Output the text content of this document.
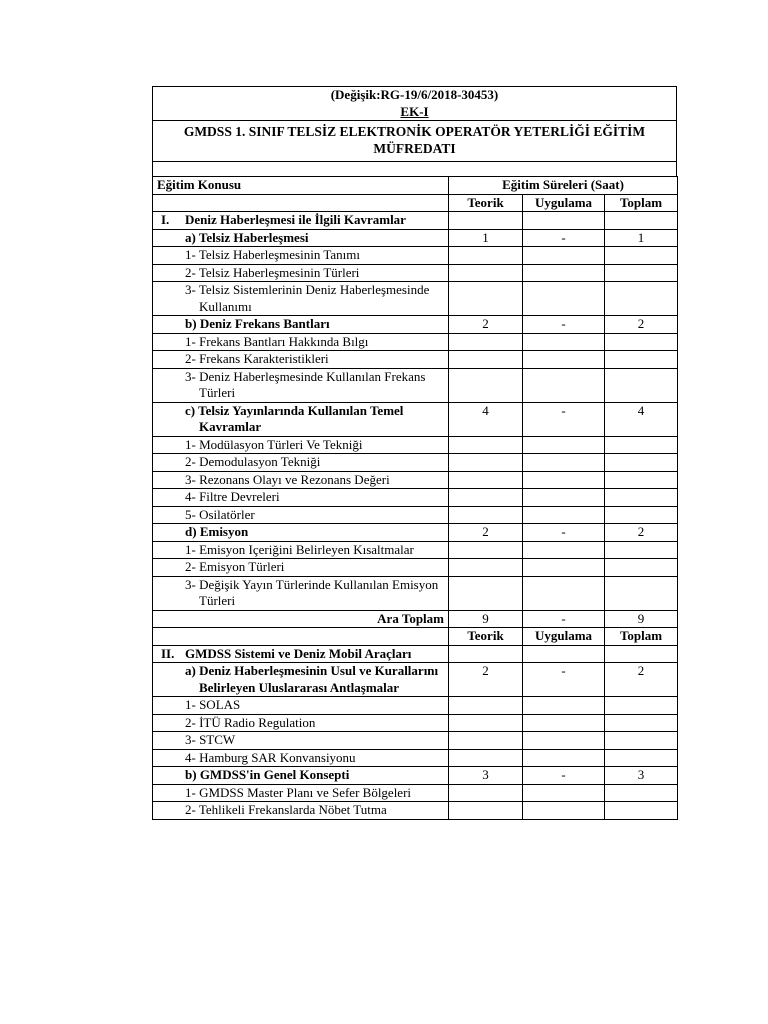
(Değişik:RG-19/6/2018-30453)
EK-I

GMDSS 1. SINIF TELSİZ ELEKTRONİK OPERATÖR YETERLİĞİ EĞİTİM MÜFREDATI

Eğitim Konusu	Eğitim Süreleri (Saat)		
	Teorik	Uygulama	Toplam

I. Deniz Haberleşmesi ile İlgili Kavramlar			

a) Telsiz Haberleşmesi	1	-	1
1- Telsiz Haberleşmesinin Tanımı			
2- Telsiz Haberleşmesinin Türleri			

3- Telsiz Sistemlerinin Deniz Haberleşmesinde Kullanımı			

b) Deniz Frekans Bantları	2	-	2
1- Frekans Bantları Hakkında Bılgı			
2- Frekans Karakteristikleri			

3- Deniz Haberleşmesinde Kullanılan Frekans Türleri			

c) Telsiz Yayınlarında Kullanılan Temel Kavramlar	4	-	4
1- Modülasyon Türleri Ve Tekniği			
2- Demodulasyon Tekniği			
3- Rezonans Olayı ve Rezonans Değeri			
4- Filtre Devreleri			
5- Osilatörler			
d) Emisyon	2	-	2

1- Emisyon Içeriğini Belirleyen Kısaltmalar			

2- Emisyon Türleri			

3- Değişik Yayın Türlerinde Kullanılan Emisyon Türleri			

Ara Toplam	9	-	9
	Teorik	Uygulama	Toplam

II. GMDSS Sistemi ve Deniz Mobil Araçları			

a) Deniz Haberleşmesinin Usul ve Kurallarını Belirleyen Uluslararası Antlaşmalar	2	-	2
1- SOLAS			
2- İTÜ Radio Regulation			
3- STCW			
4- Hamburg SAR Konvansiyonu			
b) GMDSS'in Genel Konsepti	3	-	3

1- GMDSS Master Planı ve Sefer Bölgeleri			

2- Tehlikeli Frekanslarda Nöbet Tutma			
